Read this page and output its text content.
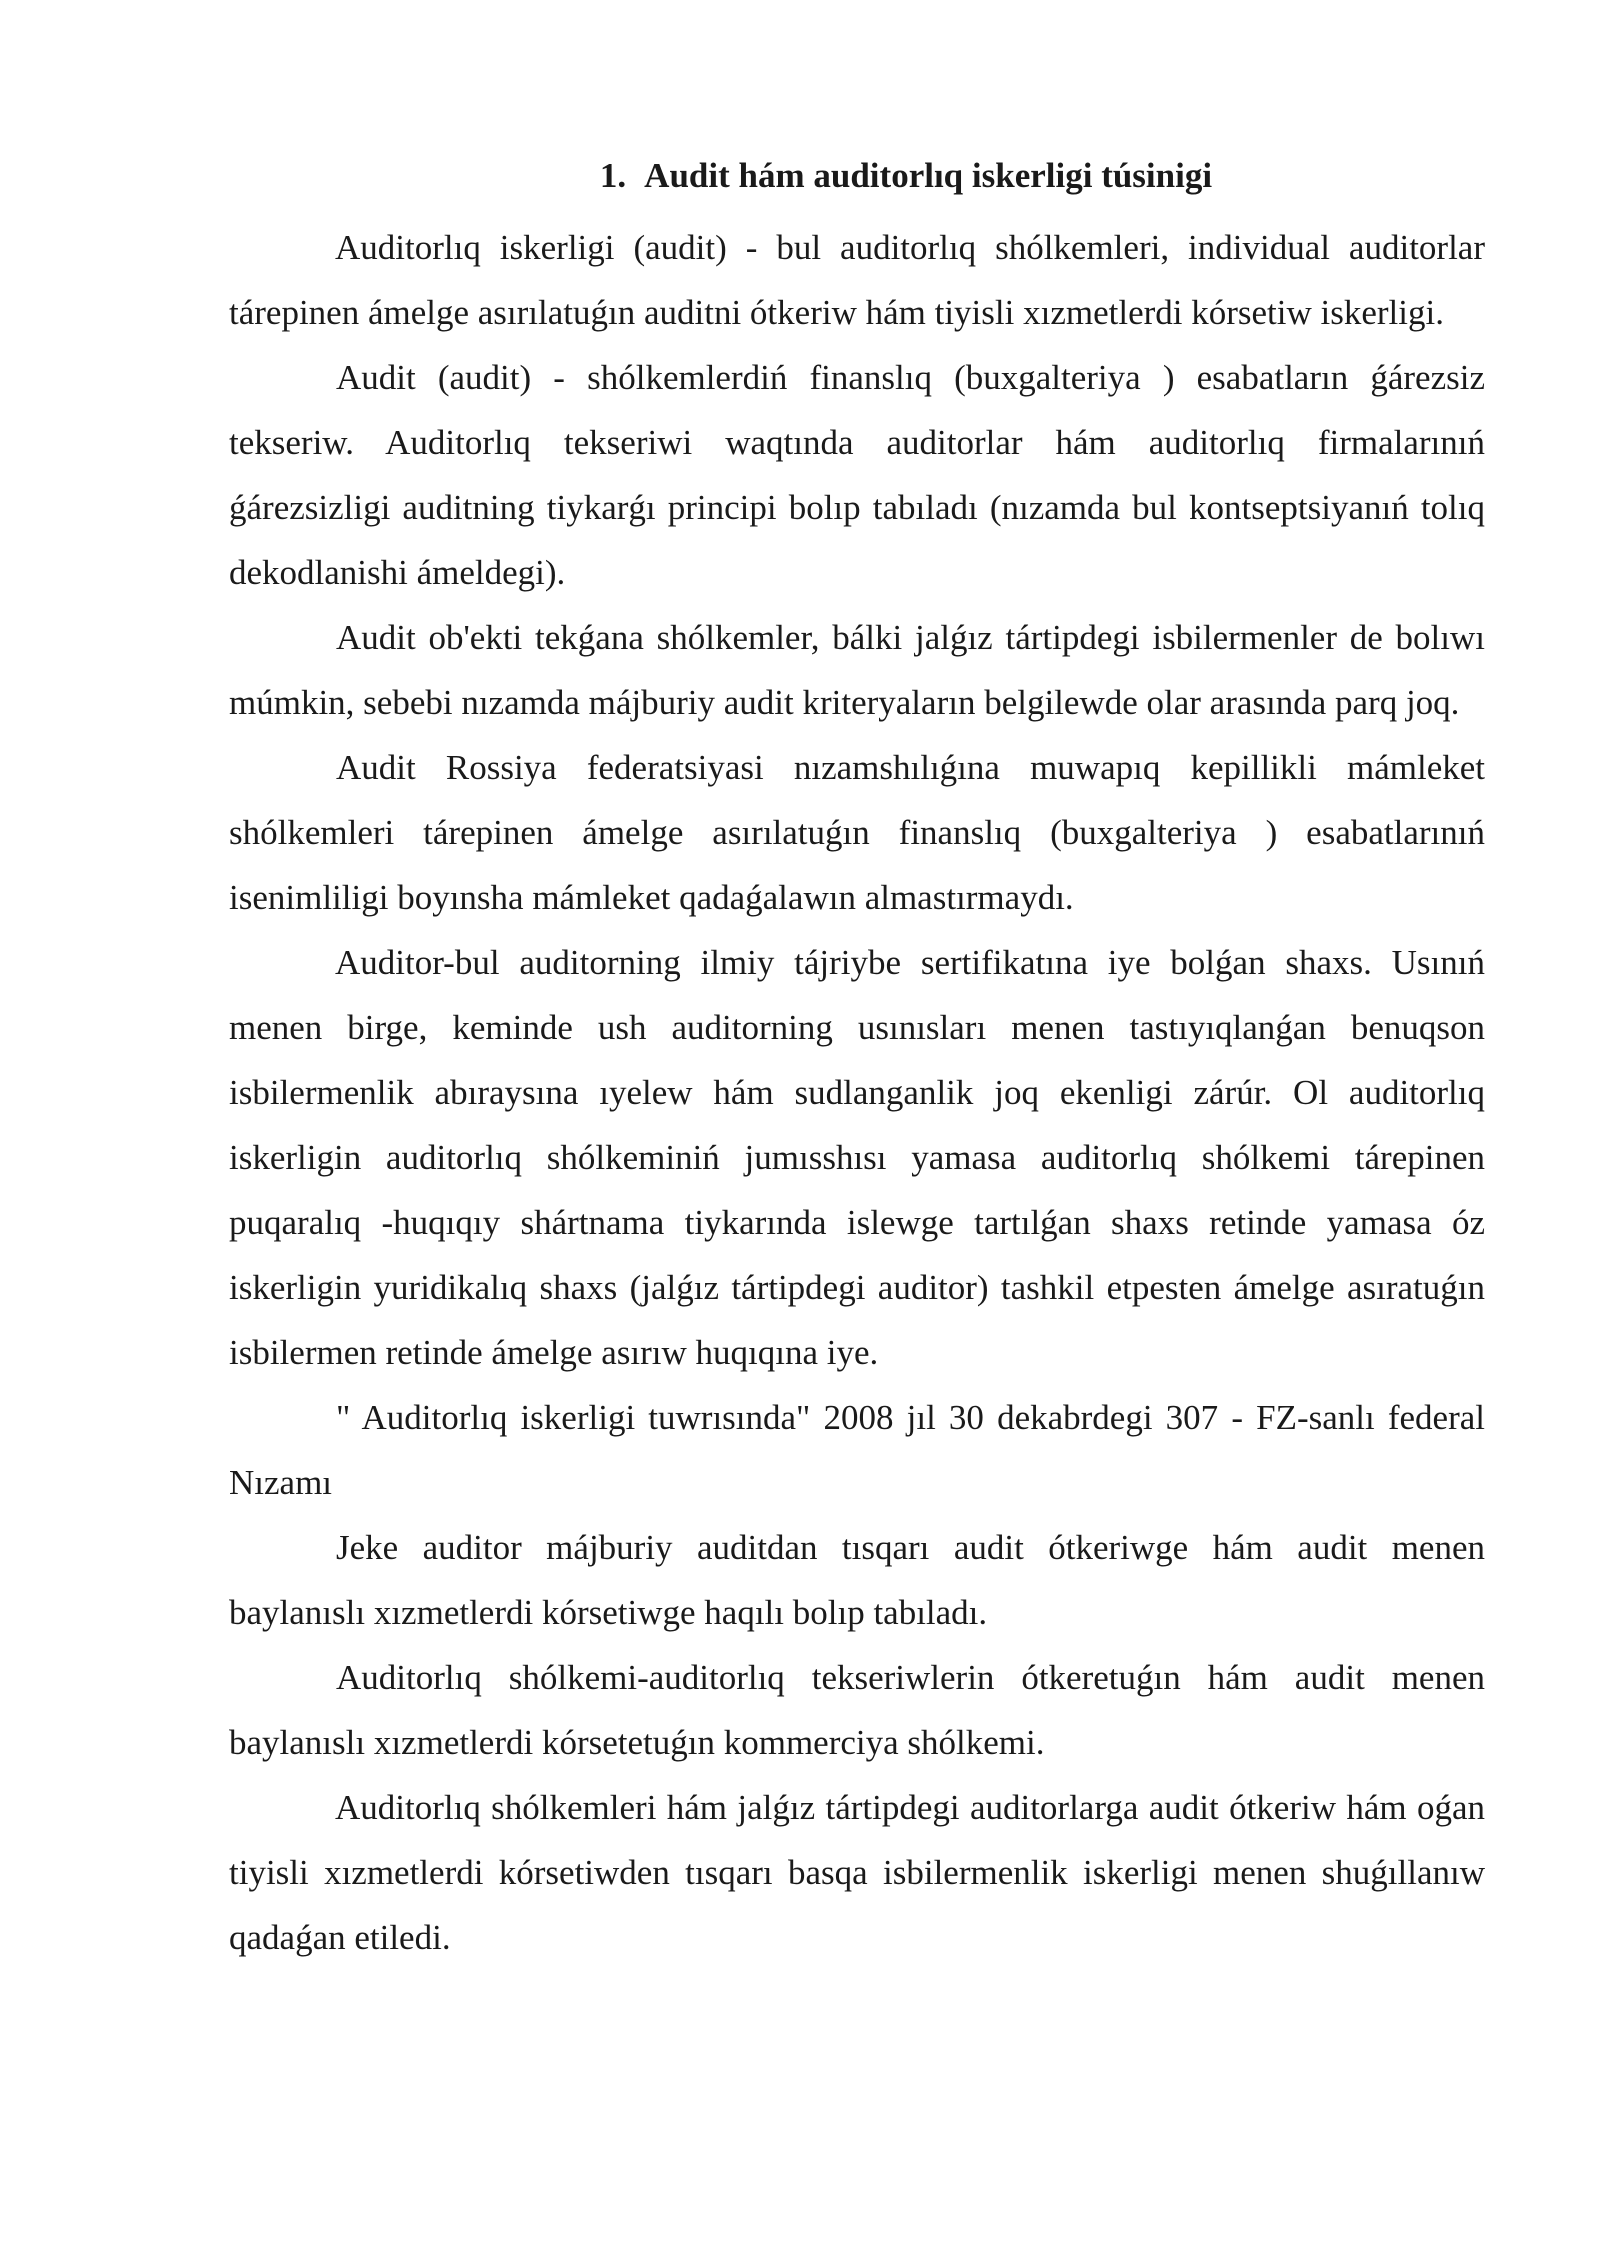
1. Audit hám auditorlıq iskerligi túsinigi

Auditorlıq iskerligi (audit) - bul auditorlıq shólkemleri, individual auditorlar tárepinen ámelge asırılatuǵın auditni ótkeriw hám tiyisli xızmetlerdi kórsetiw iskerligi.

Audit (audit) - shólkemlerdiń finanslıq (buxgalteriya ) esabatların ǵárezsiz tekseriw. Auditorlıq tekseriwi waqtında auditorlar hám auditorlıq firmalarınıń ǵárezsizligi auditning tiykarǵı principi bolıp tabıladı (nızamda bul kontseptsiyanıń tolıq dekodlanishi ámeldegi).

Audit ob'ekti tekǵana shólkemler, bálki jalǵız tártipdegi isbilermenler de bolıwı múmkin, sebebi nızamda májburiy audit kriteryaların belgilewde olar arasında parq joq.

Audit Rossiya federatsiyasi nızamshılıǵına muwapıq kepillikli mámleket shólkemleri tárepinen ámelge asırılatuǵın finanslıq (buxgalteriya ) esabatlarınıń isenimliligi boyınsha mámleket qadaǵalawın almastırmaydı.

Auditor-bul auditorning ilmiy tájriybe sertifikatına iye bolǵan shaxs. Usınıń menen birge, keminde ush auditorning usınısları menen tastıyıqlanǵan benuqson isbilermenlik abıraysına ıyelew hám sudlanganlik joq ekenligi zárúr. Ol auditorlıq iskerligin auditorlıq shólkeminiń jumısshısı yamasa auditorlıq shólkemi tárepinen puqaralıq -huqıqıy shártnama tiykarında islewge tartılǵan shaxs retinde yamasa óz iskerligin yuridikalıq shaxs (jalǵız tártipdegi auditor) tashkil etpesten ámelge asıratuǵın isbilermen retinde ámelge asırıw huqıqına iye.

" Auditorlıq iskerligi tuwrısında" 2008 jıl 30 dekabrdegi 307 - FZ-sanlı federal Nızamı

Jeke auditor májburiy auditdan tısqarı audit ótkeriwge hám audit menen baylanıslı xızmetlerdi kórsetiwge haqılı bolıp tabıladı.

Auditorlıq shólkemi-auditorlıq tekseriwlerin ótkeretuǵın hám audit menen baylanıslı xızmetlerdi kórsetetuǵın kommerciya shólkemi.

Auditorlıq shólkemleri hám jalǵız tártipdegi auditorlarga audit ótkeriw hám oǵan tiyisli xızmetlerdi kórsetiwden tısqarı basqa isbilermenlik iskerligi menen shuǵıllanıw qadaǵan etiledi.
